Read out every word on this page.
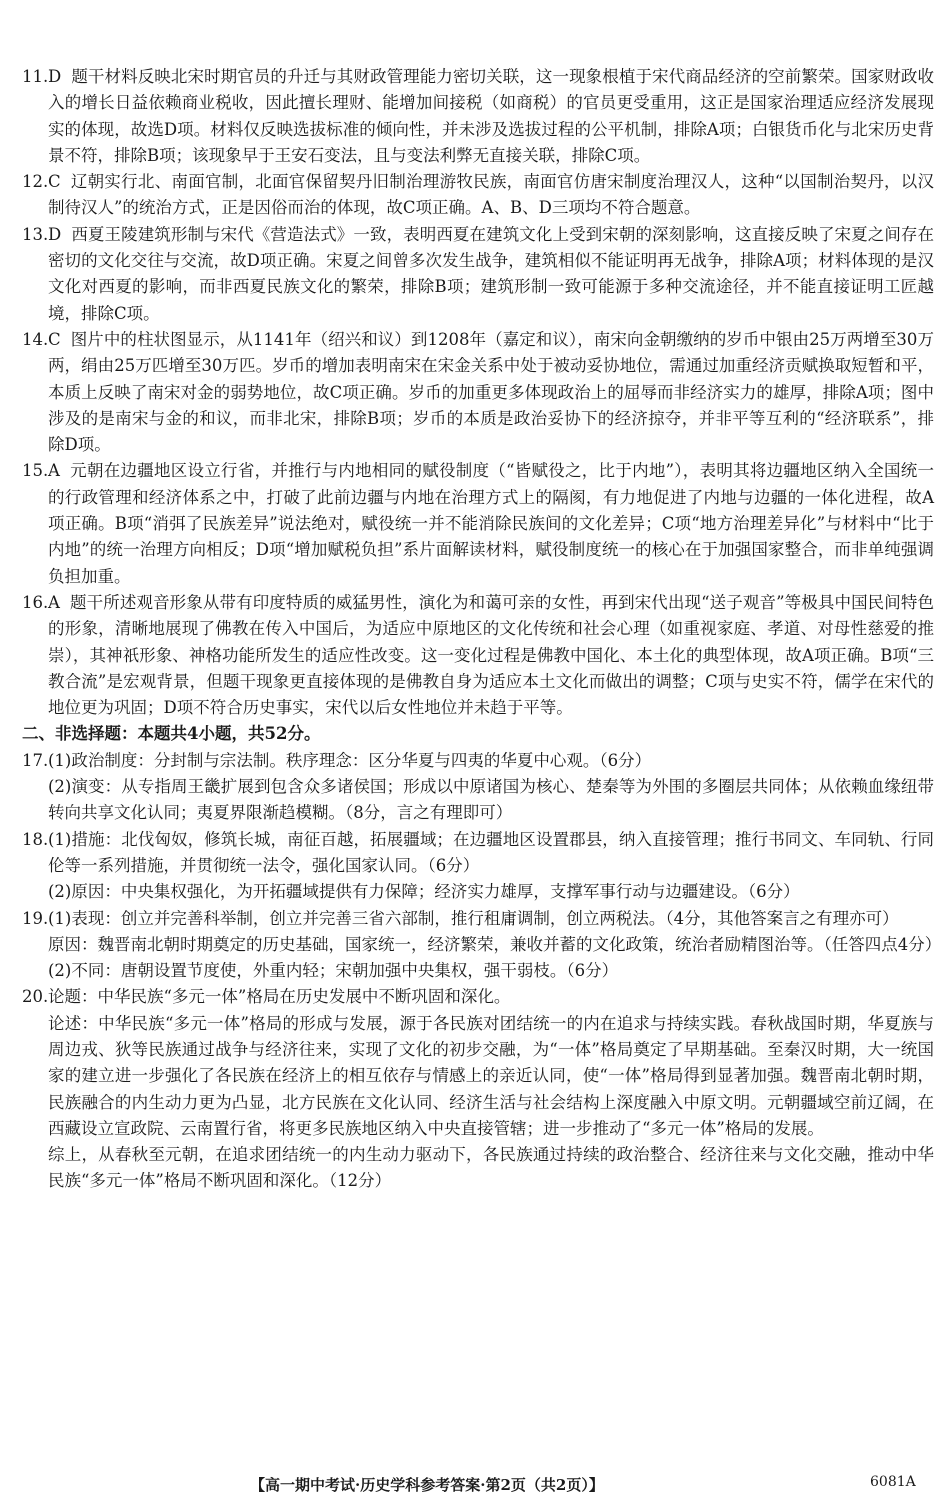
11. D 题干材料反映北宋时期官员的升迁与其财政管理能力密切关联，这一现象根植于宋代商品经济的空前繁荣。国家财政收入的增长日益依赖商业税收，因此擅长理财、能增加间接税（如商税）的官员更受重用，这正是国家治理适应经济发展现实的体现，故选D项。材料仅反映选拔标准的倾向性，并未涉及选拔过程的公平机制，排除A项；白银货币化与北宋历史背景不符，排除B项；该现象早于王安石变法，且与变法利弊无直接关联，排除C项。
12. C 辽朝实行北、南面官制，北面官保留契丹旧制治理游牧民族，南面官仿唐宋制度治理汉人，这种“以国制治契丹，以汉制待汉人”的统治方式，正是因俗而治的体现，故C项正确。A、B、D三项均不符合题意。
13. D 西夏王陵建筑形制与宋代《营造法式》一致，表明西夏在建筑文化上受到宋朝的深刻影响，这直接反映了宋夏之间存在密切的文化交往与交流，故D项正确。宋夏之间曾多次发生战争，建筑相似不能证明再无战争，排除A项；材料体现的是汉文化对西夏的影响，而非西夏民族文化的繁荣，排除B项；建筑形制一致可能源于多种交流途径，并不能直接证明工匠越境，排除C项。
14. C 图片中的柱状图显示，从1141年（绍兴和议）到1208年（嘉定和议），南宋向金朝缴纳的岁币中银由25万两增至30万两，绢由25万匹增至30万匹。岁币的增加表明南宋在宋金关系中处于被动妥协地位，需通过加重经济贡赋换取短暂和平，本质上反映了南宋对金的弱势地位，故C项正确。岁币的加重更多体现政治上的屈辱而非经济实力的雄厚，排除A项；图中涉及的是南宋与金的和议，而非北宋，排除B项；岁币的本质是政治妥协下的经济掠夺，并非平等互利的“经济联系”，排除D项。
15. A 元朝在边疆地区设立行省，并推行与内地相同的赋役制度（“皆赋役之，比于内地”），表明其将边疆地区纳入全国统一的行政管理和经济体系之中，打破了此前边疆与内地在治理方式上的隔阂，有力地促进了内地与边疆的一体化进程，故A项正确。B项“消弭了民族差异”说法绝对，赋役统一并不能消除民族间的文化差异；C项“地方治理差异化”与材料中“比于内地”的统一治理方向相反；D项“增加赋税负担”系片面解读材料，赋役制度统一的核心在于加强国家整合，而非单纯强调负担加重。
16. A 题干所述观音形象从带有印度特质的威猛男性，演化为和蔼可亲的女性，再到宋代出现“送子观音”等极具中国民间特色的形象，清晰地展现了佛教在传入中国后，为适应中原地区的文化传统和社会心理（如重视家庭、孝道、对母性慈爱的推崇），其神祇形象、神格功能所发生的适应性改变。这一变化过程是佛教中国化、本土化的典型体现，故A项正确。B项“三教合流”是宏观背景，但题干现象更直接体现的是佛教自身为适应本土文化而做出的调整；C项与史实不符，儒学在宋代的地位更为巩固；D项不符合历史事实，宋代以后女性地位并未趋于平等。
二、非选择题：本题共4小题，共52分。
17. (1)政治制度：分封制与宗法制。秩序理念：区分华夏与四夷的华夏中心观。（6分）
(2)演变：从专指周王畿扩展到包含众多诸侯国；形成以中原诸国为核心、楚秦等为外围的多圈层共同体；从依赖血缘纽带转向共享文化认同；夷夏界限渐趋模糊。（8分，言之有理即可）
18. (1)措施：北伐匈奴，修筑长城，南征百越，拓展疆域；在边疆地区设置郡县，纳入直接管理；推行书同文、车同轨、行同伦等一系列措施，并贯彻统一法令，强化国家认同。（6分）
(2)原因：中央集权强化，为开拓疆域提供有力保障；经济实力雄厚，支撑军事行动与边疆建设。（6分）
19. (1)表现：创立并完善科举制，创立并完善三省六部制，推行租庸调制，创立两税法。（4分，其他答案言之有理亦可）
原因：魏晋南北朝时期奠定的历史基础，国家统一，经济繁荣，兼收并蓄的文化政策，统治者励精图治等。（任答四点4分）
(2)不同：唐朝设置节度使，外重内轻；宋朝加强中央集权，强干弱枝。（6分）
20. 论题：中华民族“多元一体”格局在历史发展中不断巩固和深化。
论述：中华民族“多元一体”格局的形成与发展，源于各民族对团结统一的内在追求与持续实践。春秋战国时期，华夏族与周边戎、狄等民族通过战争与经济往来，实现了文化的初步交融，为“一体”格局奠定了早期基础。至秦汉时期，大一统国家的建立进一步强化了各民族在经济上的相互依存与情感上的亲近认同，使“一体”格局得到显著加强。魏晋南北朝时期，民族融合的内生动力更为凸显，北方民族在文化认同、经济生活与社会结构上深度融入中原文明。元朝疆域空前辽阔，在西藏设立宣政院、云南置行省，将更多民族地区纳入中央直接管辖；进一步推动了“多元一体”格局的发展。
综上，从春秋至元朝，在追求团结统一的内生动力驱动下，各民族通过持续的政治整合、经济往来与文化交融，推动中华民族“多元一体”格局不断巩固和深化。（12分）
【高一期中考试·历史学科参考答案·第2页（共2页）】	6081A
